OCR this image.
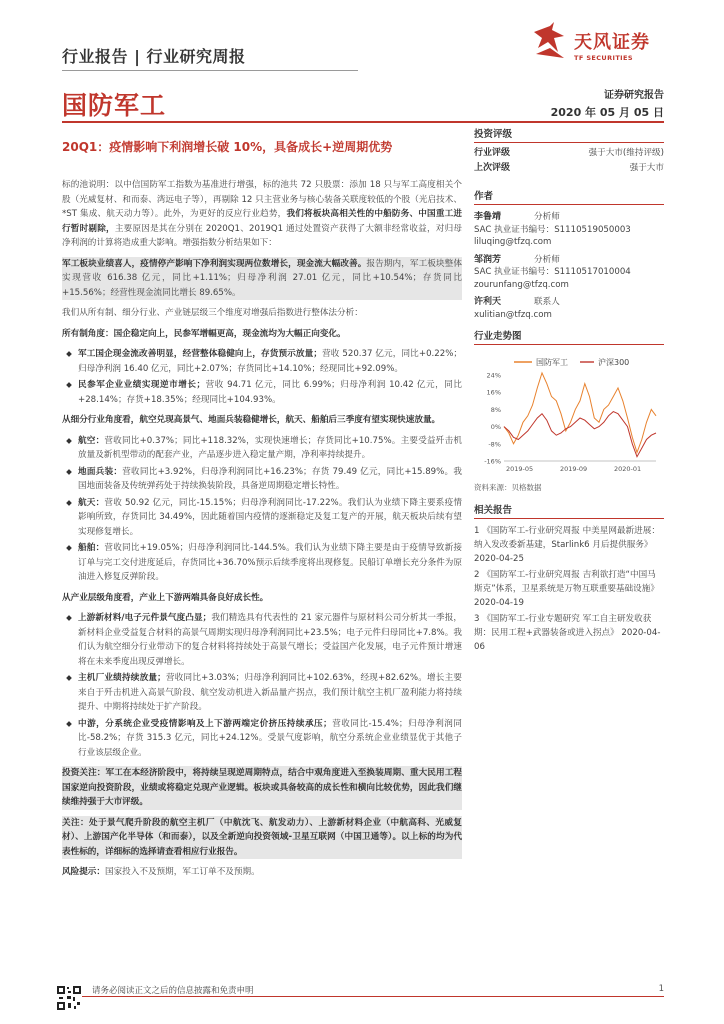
行业报告 | 行业研究周报
天风证券
TF SECURITIES
国防军工	证券研究报告
2020 年 05 月 05 日
20Q1：疫情影响下利润增长破 10%，具备成长+逆周期优势

标的池说明：以中信国防军工指数为基准进行增强，标的池共 72 只股票：添加 18 只与军工高度相关个股（光威复材、和而泰、湾远电子等），再剔除 12 只主营业务与核心装备关联度较低的个股（光启技术、*ST 集成、航天动力等）。此外，为更好的反应行业趋势，我们将板块高相关性的中船防务、中国重工进行暂时剔除，主要原因是其在分别在 2020Q1、2019Q1 通过处置资产获得了大额非经常收益，对归母净利润的计算将造成重大影响。增强指数分析结果如下：

军工板块业绩喜人，疫情停产影响下净利润实现两位数增长，现金流大幅改善。报告期内，军工板块整体实现营收 616.38 亿元，同比+1.11%；归母净利润 27.01 亿元，同比+10.54%；存货同比+15.56%；经营性现金流同比增长 89.65%。

我们从所有制、细分行业、产业链层级三个维度对增强后指数进行整体法分析：

所有制角度：国企稳定向上，民参军增幅更高，现金流均为大幅正向变化。

军工国企现金流改善明显，经营整体稳健向上，存货预示放量；营收 520.37 亿元，同比+0.22%；归母净利润 16.40 亿元，同比+2.07%；存货同比+14.10%；经现同比+92.09%。

民参军企业业绩实现逆市增长；营收 94.71 亿元，同比 6.99%；归母净利润 10.42 亿元，同比+28.14%；存货+18.35%；经现同比+104.93%。

从细分行业角度看，航空兑现高景气、地面兵装稳健增长，航天、船舶后三季度有望实现快速放量。

航空：营收同比+0.37%；同比+118.32%，实现快速增长；存货同比+10.75%。主要受益歼击机放量及新机型带动的配套产业，产品逐步进入稳定量产期，净利率持续提升。

地面兵装：营收同比+3.92%，归母净利润同比+16.23%；存货 79.49 亿元，同比+15.89%。我国地面装备及传统弹药处于持续换装阶段，具备逆周期稳定增长特性。

航天：营收 50.92 亿元，同比-15.15%；归母净利润同比-17.22%。我们认为业绩下降主要系疫情影响所致，存货同比 34.49%，因此随着国内疫情的逐渐稳定及复工复产的开展，航天板块后续有望实现修复增长。

船舶：营收同比+19.05%；归母净利润同比-144.5%。我们认为业绩下降主要是由于疫情导致新接订单与完工交付进度延后，存货同比+36.70%预示后续季度将出现修复。民船订单增长充分条件为原油进入修复反弹阶段。

从产业层级角度看，产业上下游两端具备良好成长性。

上游新材料/电子元件景气度凸显；我们精选具有代表性的 21 家元器件与原材料公司分析其一季报，新材料企业受益复合材料的高景气周期实现归母净利润同比+23.5%；电子元件归母同比+7.8%。我们认为航空细分行业带动下的复合材料将持续处于高景气增长；受益国产化发展，电子元件预计增速将在未来季度出现反弹增长。

主机厂业绩持续放量；营收同比+3.03%；归母净利润同比+102.63%，经现+82.62%。增长主要来自于歼击机进入高景气阶段、航空发动机进入新品量产拐点，我们预计航空主机厂盈利能力将持续提升、中期将持续处于扩产阶段。

中游，分系统企业受疫情影响及上下游两端定价挤压持续承压；营收同比-15.4%；归母净利润同比-58.2%；存货 315.3 亿元，同比+24.12%。受景气度影响，航空分系统企业业绩显优于其他子行业该层级企业。

投资关注：军工在本经济阶段中，将持续呈现逆周期特点，结合中观角度进入至换装周期、重大民用工程国家逆向投资阶段，业绩或将稳定兑现产业逻辑。板块或具备较高的成长性和横向比较优势，因此我们继续维持强于大市评级。

关注：处于景气爬升阶段的航空主机厂（中航沈飞、航发动力）、上游新材料企业（中航高科、光威复材）、上游国产化半导体（和而泰），以及全新逆向投资领域-卫星互联网（中国卫通等）。以上标的均为代表性标的，详细标的选择请查看相应行业报告。

风险提示：国家投入不及预期，军工订单不及预期。

投资评级
行业评级	强于大市(维持评级)
上次评级	强于大市
作者
李鲁靖	分析师
SAC 执业证书编号：S1110519050003
liluqing@tfzq.com
邹润芳	分析师
SAC 执业证书编号：S1110517010004
zourunfang@tfzq.com
许利天	联系人
xulitian@tfzq.com
行业走势图
国防军工	沪深300
-16%
-8%
0%
8%
16%
24%
2019-05	2019-09	2020-01
资料来源：贝格数据
相关报告
1 《国防军工-行业研究周报 中美星网最新进展：纳入发改委新基建，Starlink6 月后提供服务》 2020-04-25
2 《国防军工-行业研究周报 吉利欲打造“中国马斯克”体系，卫星系统是万物互联重要基础设施》 2020-04-19
3 《国防军工-行业专题研究 军工自主研发收获期：民用工程+武器装备或进入拐点》 2020-04-06
请务必阅读正文之后的信息披露和免责申明	1
